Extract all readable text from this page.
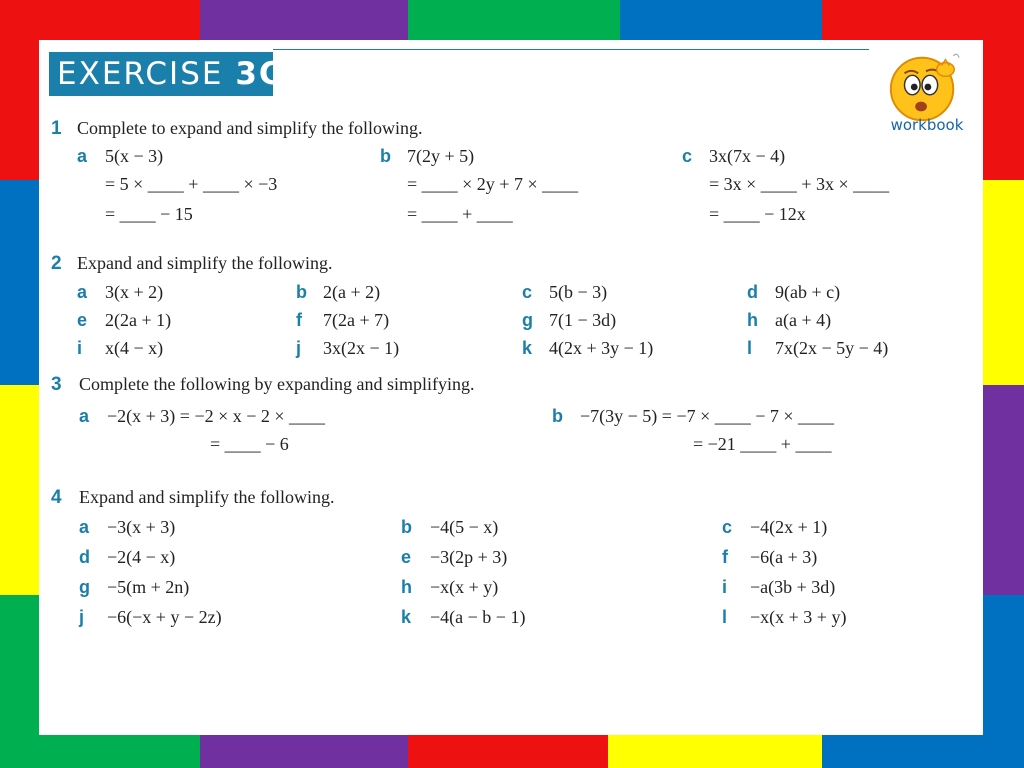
EXERCISE 3C
workbook
1 Complete to expand and simplify the following.
a 5(x − 3)
= 5 × ____ + ____ × −3
= ____ − 15
b 7(2y + 5)
= ____ × 2y + 7 × ____
= ____ + ____
c 3x(7x − 4)
= 3x × ____ + 3x × ____
= ____ − 12x
2 Expand and simplify the following.
a 3(x + 2)	b 2(a + 2)	c 5(b − 3)	d 9(ab + c)
e 2(2a + 1)	f 7(2a + 7)	g 7(1 − 3d)	h a(a + 4)
i x(4 − x)	j 3x(2x − 1)	k 4(2x + 3y − 1)	l 7x(2x − 5y − 4)
3 Complete the following by expanding and simplifying.
a −2(x + 3) = −2 × x − 2 × ____
= ____ − 6
b −7(3y − 5) = −7 × ____ − 7 × ____
= −21 ____ + ____
4 Expand and simplify the following.
a −3(x + 3)	b −4(5 − x)	c −4(2x + 1)
d −2(4 − x)	e −3(2p + 3)	f −6(a + 3)
g −5(m + 2n)	h −x(x + y)	i −a(3b + 3d)
j −6(−x + y − 2z)	k −4(a − b − 1)	l −x(x + 3 + y)
